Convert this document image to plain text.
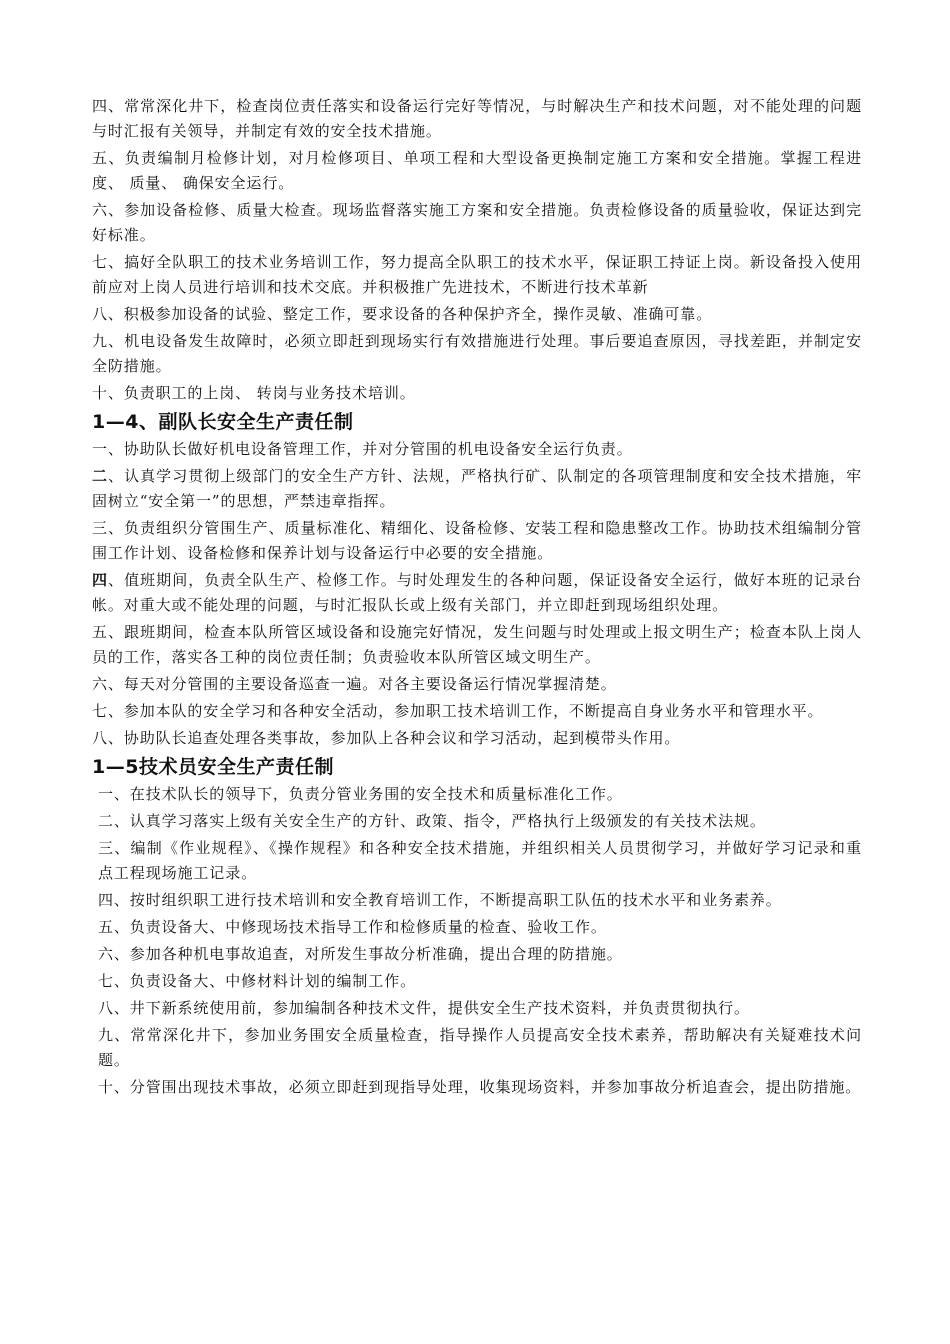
四、常常深化井下，检查岗位责任落实和设备运行完好等情况，与时解决生产和技术问题，对不能处理的问题与时汇报有关领导，并制定有效的安全技术措施。

五、负责编制月检修计划，对月检修项目、单项工程和大型设备更换制定施工方案和安全措施。掌握工程进度、 质量、 确保安全运行。

六、参加设备检修、质量大检查。现场监督落实施工方案和安全措施。负责检修设备的质量验收，保证达到完好标准。

七、搞好全队职工的技术业务培训工作，努力提高全队职工的技术水平，保证职工持证上岗。新设备投入使用前应对上岗人员进行培训和技术交底。并积极推广先进技术，不断进行技术革新

八、积极参加设备的试验、整定工作，要求设备的各种保护齐全，操作灵敏、准确可靠。

九、机电设备发生故障时，必须立即赶到现场实行有效措施进行处理。事后要追查原因，寻找差距，并制定安全防措施。

十、负责职工的上岗、 转岗与业务技术培训。

1—4、副队长安全生产责任制

一、协助队长做好机电设备管理工作，并对分管围的机电设备安全运行负责。

二、认真学习贯彻上级部门的安全生产方针、法规，严格执行矿、队制定的各项管理制度和安全技术措施，牢固树立“安全第一”的思想，严禁违章指挥。

三、负责组织分管围生产、质量标准化、精细化、设备检修、安装工程和隐患整改工作。协助技术组编制分管围工作计划、设备检修和保养计划与设备运行中必要的安全措施。

四、值班期间，负责全队生产、检修工作。与时处理发生的各种问题，保证设备安全运行，做好本班的记录台帐。对重大或不能处理的问题，与时汇报队长或上级有关部门，并立即赶到现场组织处理。

五、跟班期间，检查本队所管区域设备和设施完好情况，发生问题与时处理或上报文明生产；检查本队上岗人员的工作，落实各工种的岗位责任制；负责验收本队所管区域文明生产。

六、每天对分管围的主要设备巡查一遍。对各主要设备运行情况掌握清楚。

七、参加本队的安全学习和各种安全活动，参加职工技术培训工作，不断提高自身业务水平和管理水平。

八、协助队长追查处理各类事故，参加队上各种会议和学习活动，起到模带头作用。

1—5技术员安全生产责任制

一、在技术队长的领导下，负责分管业务围的安全技术和质量标准化工作。

二、认真学习落实上级有关安全生产的方针、政策、指令，严格执行上级颁发的有关技术法规。

三、编制《作业规程》、《操作规程》和各种安全技术措施，并组织相关人员贯彻学习，并做好学习记录和重点工程现场施工记录。

四、按时组织职工进行技术培训和安全教育培训工作，不断提高职工队伍的技术水平和业务素养。

五、负责设备大、中修现场技术指导工作和检修质量的检查、验收工作。

六、参加各种机电事故追查，对所发生事故分析准确，提出合理的防措施。

七、负责设备大、中修材料计划的编制工作。

八、井下新系统使用前，参加编制各种技术文件，提供安全生产技术资料，并负责贯彻执行。

九、常常深化井下，参加业务围安全质量检查，指导操作人员提高安全技术素养，帮助解决有关疑难技术问题。

十、分管围出现技术事故，必须立即赶到现指导处理，收集现场资料，并参加事故分析追查会，提出防措施。
